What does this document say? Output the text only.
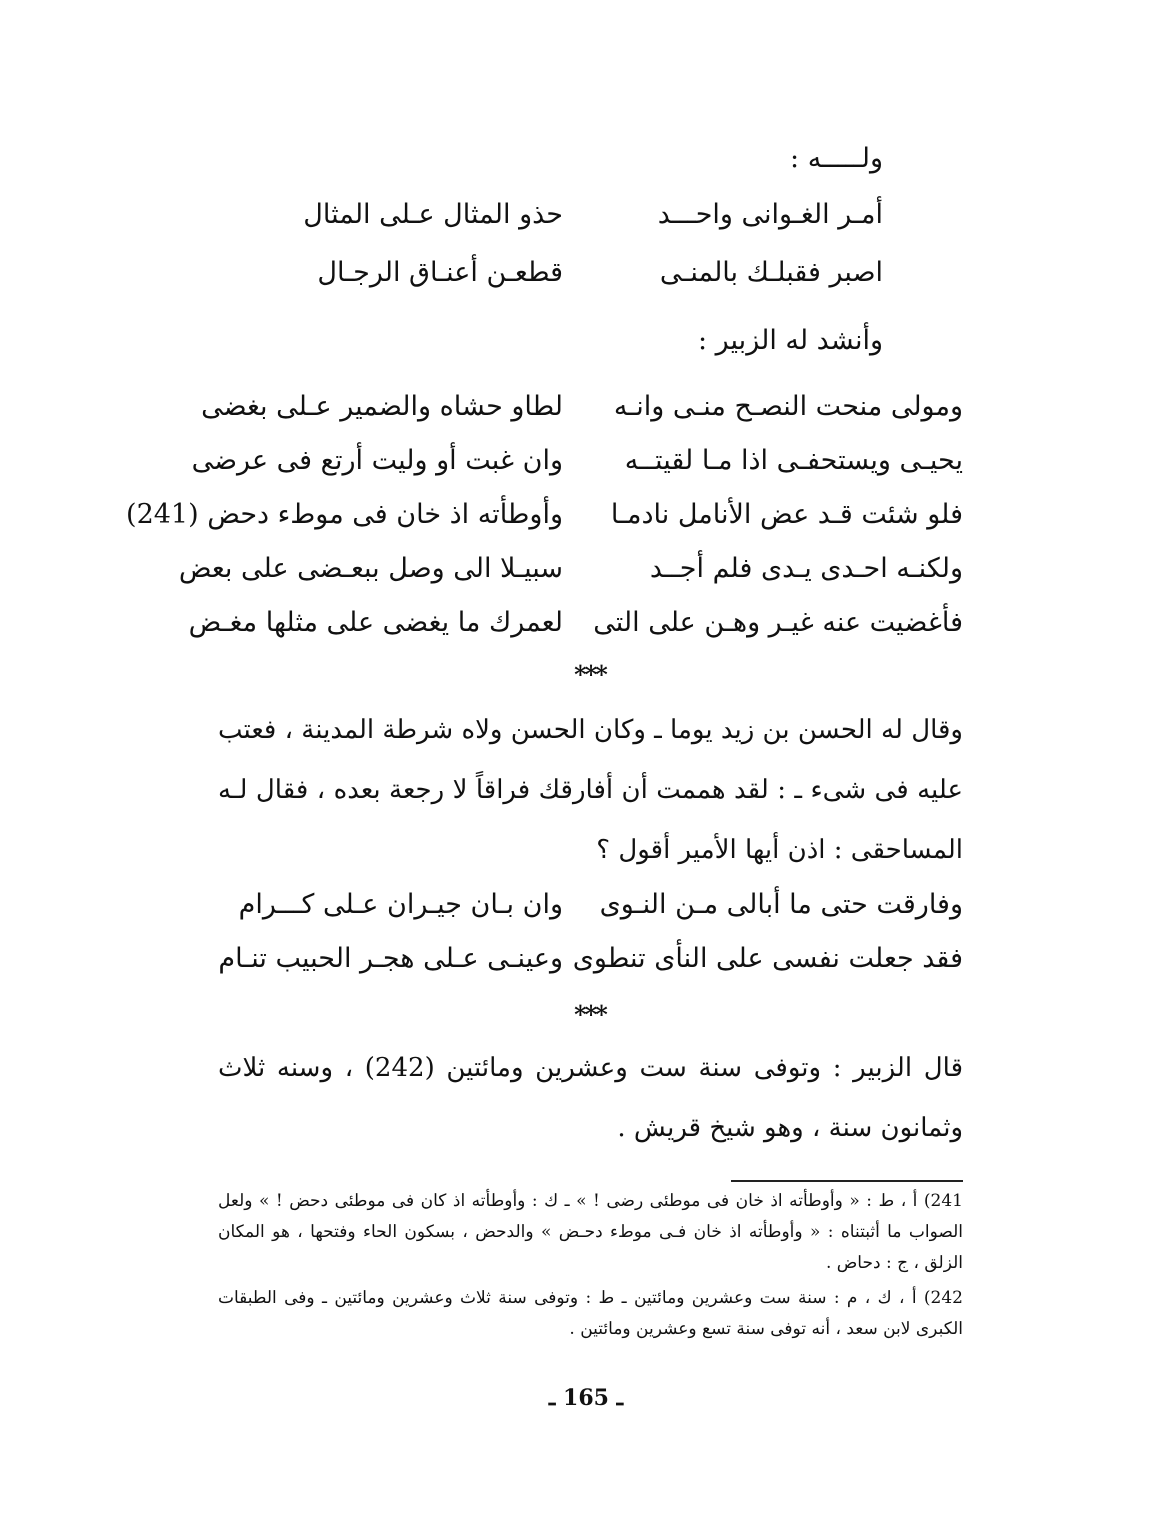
ولـــــه :
أمـر الغـوانى واحـــد
حذو المثال عـلى المثال
اصبر فقبلـك بالمنـى
قطعـن أعنـاق الرجـال
وأنشد له الزبير :
ومولى منحت النصـح منـى وانـه
لطاو حشاه والضمير عـلى بغضى
يحيـى ويستحفـى اذا مـا لقيتــه
وان غبت أو وليت أرتع فى عرضى
فلو شئت قـد عض الأنامل نادمـا
وأوطأته اذ خان فى موطء دحض (241)
ولكنـه احـدى يـدى فلم أجــد
سبيـلا الى وصل ببعـضى على بعض
فأغضيت عنه غيـر وهـن على التى
لعمرك ما يغضى على مثلها مغـض
***
وقال له الحسن بن زيد يوما ـ وكان الحسن ولاه شرطة المدينة ، فعتب عليه فى شىء ـ : لقد هممت أن أفارقك فراقاً لا رجعة بعده ، فقال لـه المساحقى : اذن أيها الأمير أقول ؟
وفارقت حتى ما أبالى مـن النـوى
وان بـان جيـران عـلى كـــرام
فقد جعلت نفسى على النأى تنطوى
وعينـى عـلى هجـر الحبيب تنـام
***
قال الزبير : وتوفى سنة ست وعشرين ومائتين (242) ، وسنه ثلاث وثمانون سنة ، وهو شيخ قريش .

241) أ ، ط : « وأوطأته اذ خان فى موطئى رضى ! » ـ ك : وأوطأته اذ كان فى موطئى دحض ! » ولعل الصواب ما أثبتناه : « وأوطأته اذ خان فـى موطء دحـض » والدحض ، بسكون الحاء وفتحها ، هو المكان الزلق ، ج : دحاض .

242) أ ، ك ، م : سنة ست وعشرين ومائتين ـ ط : وتوفى سنة ثلاث وعشرين ومائتين ـ وفى الطبقات الكبرى لابن سعد ، أنه توفى سنة تسع وعشرين ومائتين .

ـ 165 ـ
